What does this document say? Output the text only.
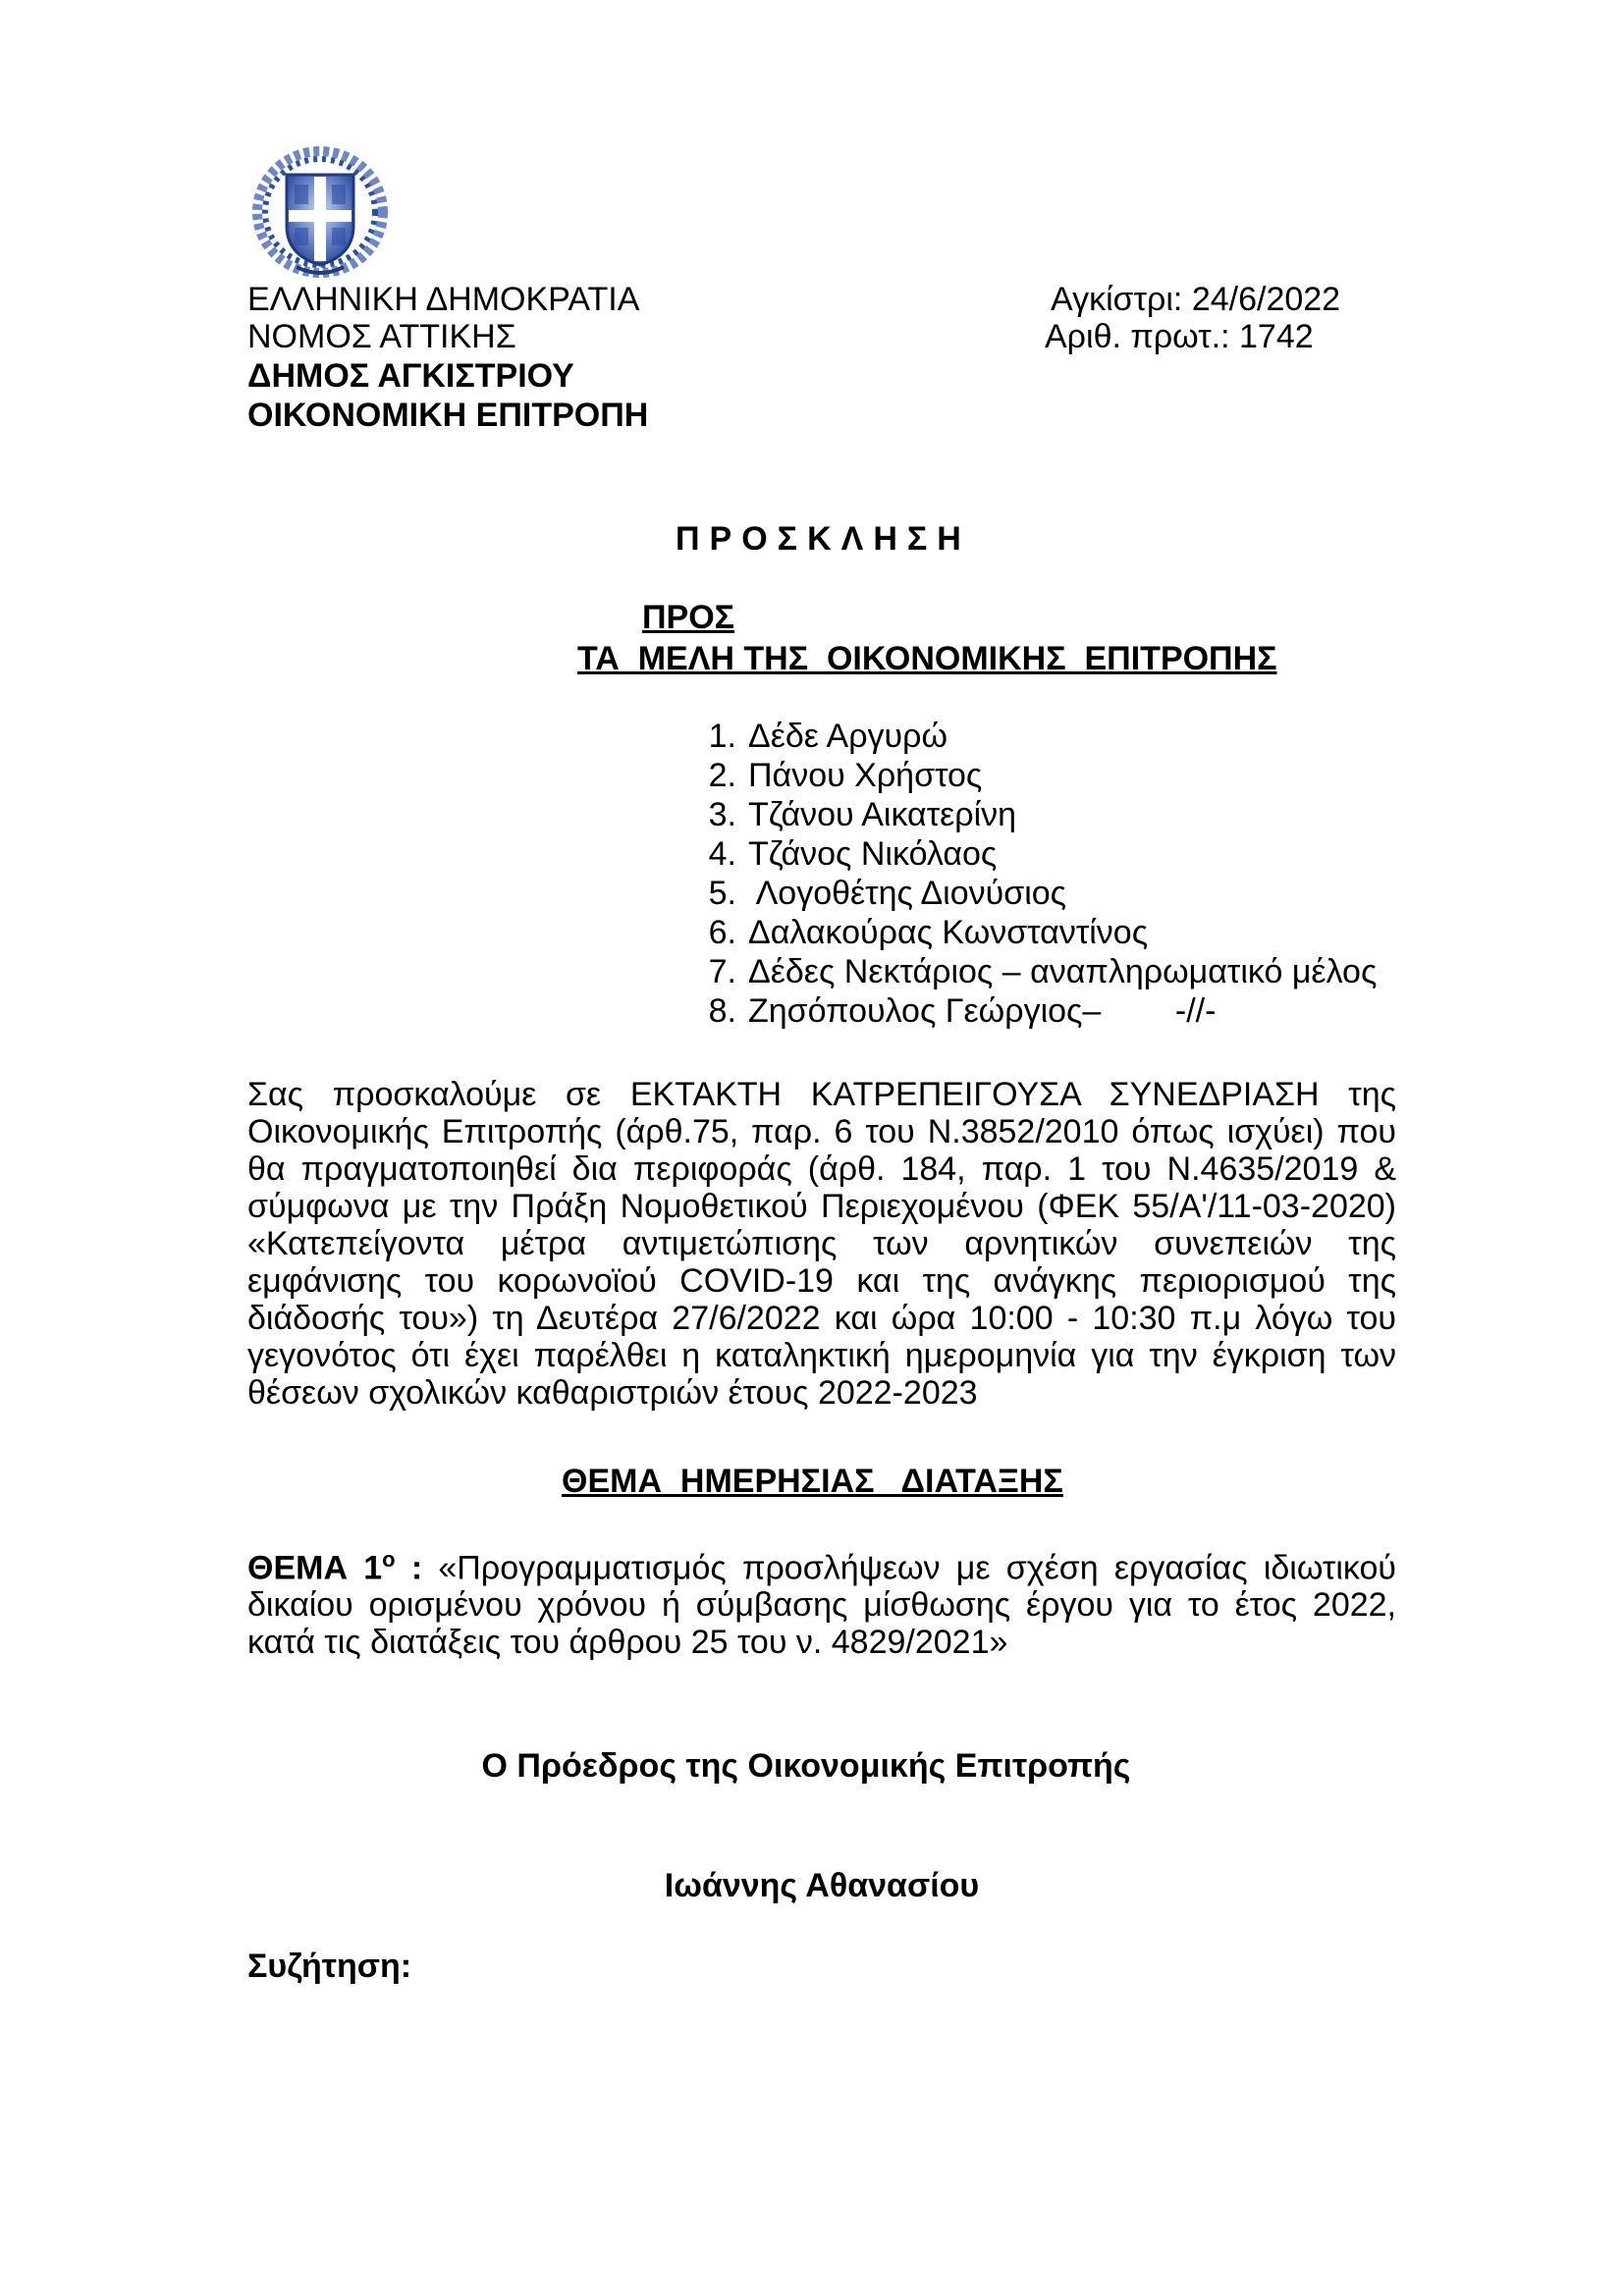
ΕΛΛΗΝΙΚΗ ΔΗΜΟΚΡΑΤΙΑ
ΝΟΜΟΣ ΑΤΤΙΚΗΣ
ΔΗΜΟΣ ΑΓΚΙΣΤΡΙΟΥ
ΟΙΚΟΝΟΜΙΚΗ ΕΠΙΤΡΟΠΗ
Αγκίστρι: 24/6/2022
Αριθ. πρωτ.: 1742
ΠΡΟΣΚΛΗΣΗ
ΠΡΟΣ
ΤΑ  ΜΕΛΗ ΤΗΣ  ΟΙΚΟΝΟΜΙΚΗΣ  ΕΠΙΤΡΟΠΗΣ
1. Δέδε Αργυρώ
2. Πάνου Χρήστος
3. Τζάνου Αικατερίνη
4. Τζάνος Νικόλαος
5. Λογοθέτης Διονύσιος
6. Δαλακούρας Κωνσταντίνος
7. Δέδες Νεκτάριος – αναπληρωματικό μέλος
8. Ζησόπουλος Γεώργιος–        -//-
Σας προσκαλούμε σε ΕΚΤΑΚΤΗ ΚΑΤΡΕΠΕΙΓΟΥΣΑ ΣΥΝΕΔΡΙΑΣΗ της Οικονομικής Επιτροπής (άρθ.75, παρ. 6 του Ν.3852/2010 όπως ισχύει) που θα πραγματοποιηθεί δια περιφοράς (άρθ. 184, παρ. 1 του Ν.4635/2019 & σύμφωνα με την Πράξη Νομοθετικού Περιεχομένου (ΦΕΚ 55/Α'/11-03-2020) «Κατεπείγοντα μέτρα αντιμετώπισης των αρνητικών συνεπειών της εμφάνισης του κορωνοϊού COVID-19 και της ανάγκης περιορισμού της διάδοσής του») τη Δευτέρα 27/6/2022 και ώρα 10:00 - 10:30 π.μ λόγω του γεγονότος ότι έχει παρέλθει η καταληκτική ημερομηνία για την έγκριση των θέσεων σχολικών καθαριστριών έτους 2022-2023
ΘΕΜΑ  ΗΜΕΡΗΣΙΑΣ   ΔΙΑΤΑΞΗΣ
ΘΕΜΑ $1^o$ : «Προγραμματισμός προσλήψεων με σχέση εργασίας ιδιωτικού δικαίου ορισμένου χρόνου ή σύμβασης μίσθωσης έργου για το έτος 2022, κατά τις διατάξεις του άρθρου 25 του ν. 4829/2021»
Ο Πρόεδρος της Οικονομικής Επιτροπής
Ιωάννης Αθανασίου
Συζήτηση:
